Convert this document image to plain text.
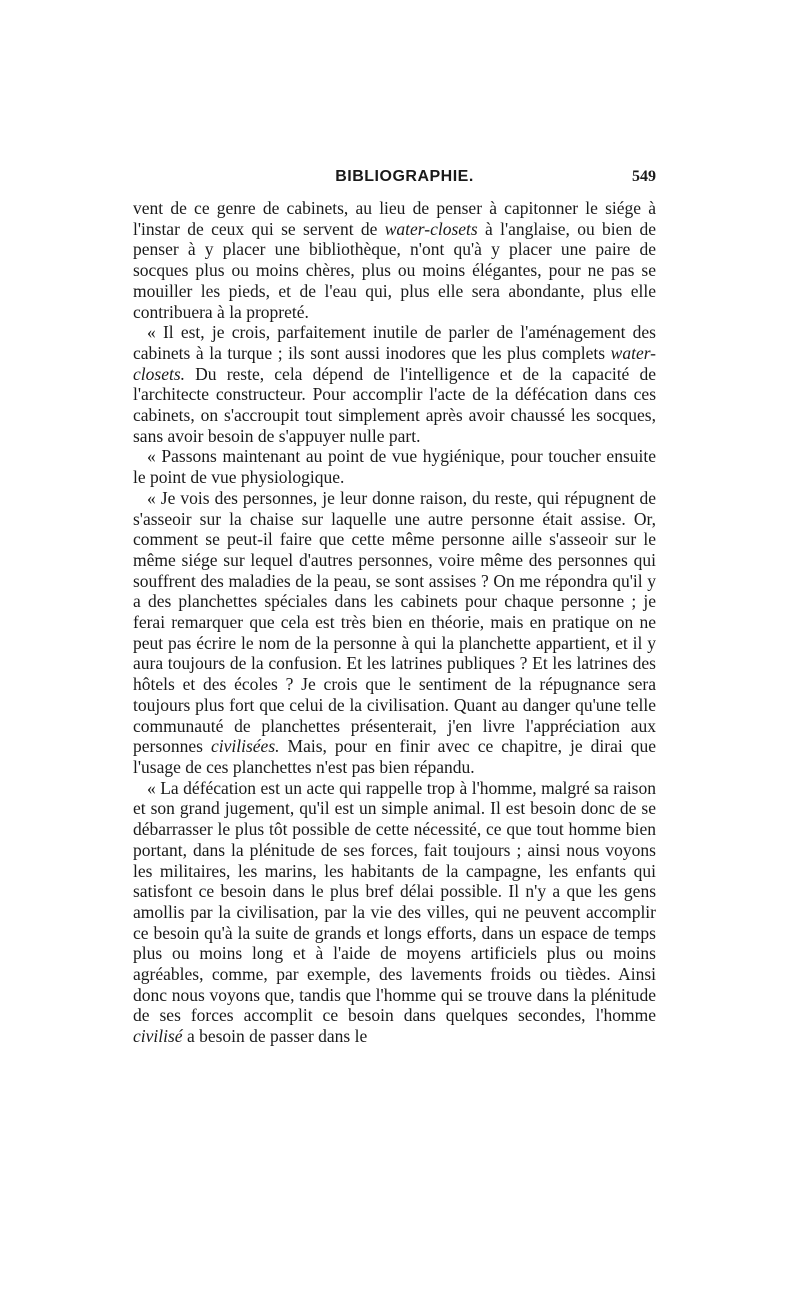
BIBLIOGRAPHIE.	549

vent de ce genre de cabinets, au lieu de penser à capitonner le siége à l'instar de ceux qui se servent de water-closets à l'anglaise, ou bien de penser à y placer une bibliothèque, n'ont qu'à y placer une paire de socques plus ou moins chères, plus ou moins élégantes, pour ne pas se mouiller les pieds, et de l'eau qui, plus elle sera abondante, plus elle contribuera à la propreté.

« Il est, je crois, parfaitement inutile de parler de l'aménagement des cabinets à la turque ; ils sont aussi inodores que les plus complets water-closets. Du reste, cela dépend de l'intelligence et de la capacité de l'architecte constructeur. Pour accomplir l'acte de la défécation dans ces cabinets, on s'accroupit tout simplement après avoir chaussé les socques, sans avoir besoin de s'appuyer nulle part.

« Passons maintenant au point de vue hygiénique, pour toucher ensuite le point de vue physiologique.

« Je vois des personnes, je leur donne raison, du reste, qui répugnent de s'asseoir sur la chaise sur laquelle une autre personne était assise. Or, comment se peut-il faire que cette même personne aille s'asseoir sur le même siége sur lequel d'autres personnes, voire même des personnes qui souffrent des maladies de la peau, se sont assises ? On me répondra qu'il y a des planchettes spéciales dans les cabinets pour chaque personne ; je ferai remarquer que cela est très bien en théorie, mais en pratique on ne peut pas écrire le nom de la personne à qui la planchette appartient, et il y aura toujours de la confusion. Et les latrines publiques ? Et les latrines des hôtels et des écoles ? Je crois que le sentiment de la répugnance sera toujours plus fort que celui de la civilisation. Quant au danger qu'une telle communauté de planchettes présenterait, j'en livre l'appréciation aux personnes civilisées. Mais, pour en finir avec ce chapitre, je dirai que l'usage de ces planchettes n'est pas bien répandu.

« La défécation est un acte qui rappelle trop à l'homme, malgré sa raison et son grand jugement, qu'il est un simple animal. Il est besoin donc de se débarrasser le plus tôt possible de cette nécessité, ce que tout homme bien portant, dans la plénitude de ses forces, fait toujours ; ainsi nous voyons les militaires, les marins, les habitants de la campagne, les enfants qui satisfont ce besoin dans le plus bref délai possible. Il n'y a que les gens amollis par la civilisation, par la vie des villes, qui ne peuvent accomplir ce besoin qu'à la suite de grands et longs efforts, dans un espace de temps plus ou moins long et à l'aide de moyens artificiels plus ou moins agréables, comme, par exemple, des lavements froids ou tièdes. Ainsi donc nous voyons que, tandis que l'homme qui se trouve dans la plénitude de ses forces accomplit ce besoin dans quelques secondes, l'homme civilisé a besoin de passer dans le
